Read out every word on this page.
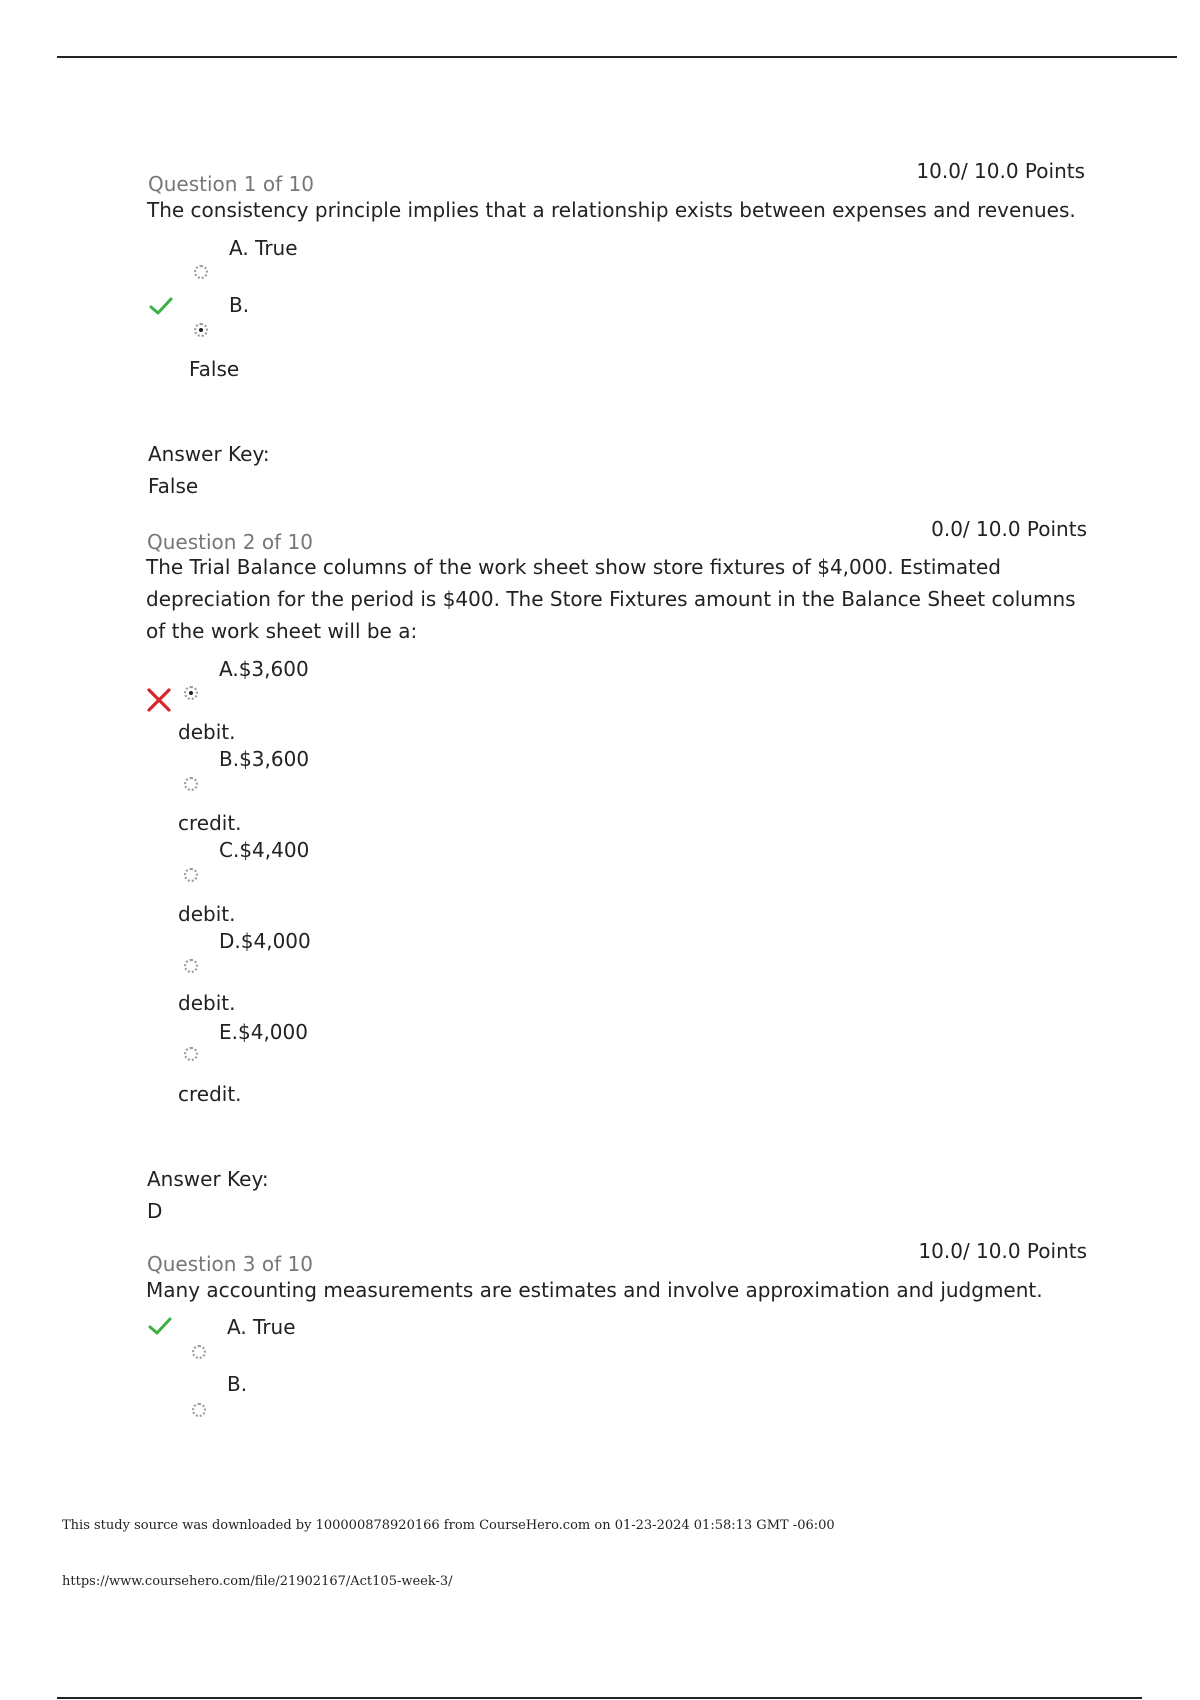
Question 1 of 10
10.0/ 10.0 Points
The consistency principle implies that a relationship exists between expenses and revenues.
A. True
B.
False
Answer Key:
False
Question 2 of 10
0.0/ 10.0 Points
The Trial Balance columns of the work sheet show store fixtures of $4,000. Estimated
depreciation for the period is $400. The Store Fixtures amount in the Balance Sheet columns
of the work sheet will be a:
A.$3,600
debit.
B.$3,600
credit.
C.$4,400
debit.
D.$4,000
debit.
E.$4,000
credit.
Answer Key:
D
Question 3 of 10
10.0/ 10.0 Points
Many accounting measurements are estimates and involve approximation and judgment.
A. True
B.
This study source was downloaded by 100000878920166 from CourseHero.com on 01-23-2024 01:58:13 GMT -06:00
https://www.coursehero.com/file/21902167/Act105-week-3/
